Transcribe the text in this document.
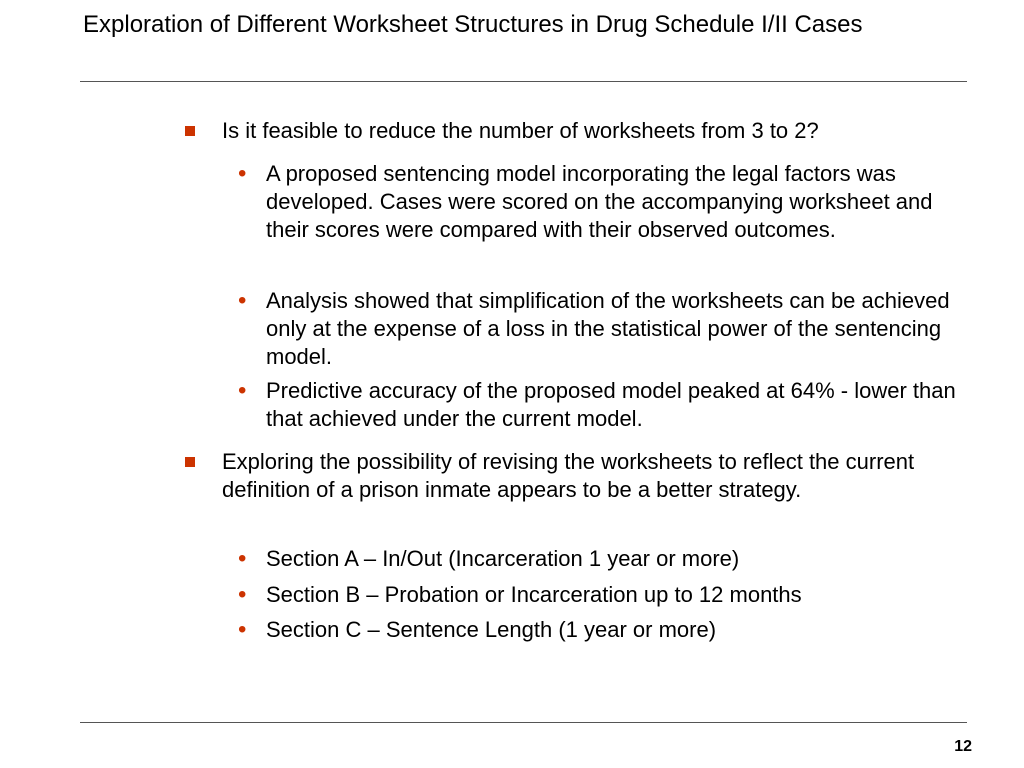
Exploration of Different Worksheet Structures in Drug Schedule I/II Cases
Is it feasible to reduce the number of worksheets from 3 to 2?
• A proposed sentencing model incorporating the legal factors was developed. Cases were scored on the accompanying worksheet and their scores were compared with their observed outcomes.
• Analysis showed that simplification of the worksheets can be achieved only at the expense of a loss in the statistical power of the sentencing model.
• Predictive accuracy of the proposed model peaked at 64% - lower than that achieved under the current model.
Exploring the possibility of revising the worksheets to reflect the current definition of a prison inmate appears to be a better strategy.
• Section A – In/Out (Incarceration 1 year or more)
• Section B – Probation or Incarceration up to 12 months
• Section C – Sentence Length (1 year or more)
12
